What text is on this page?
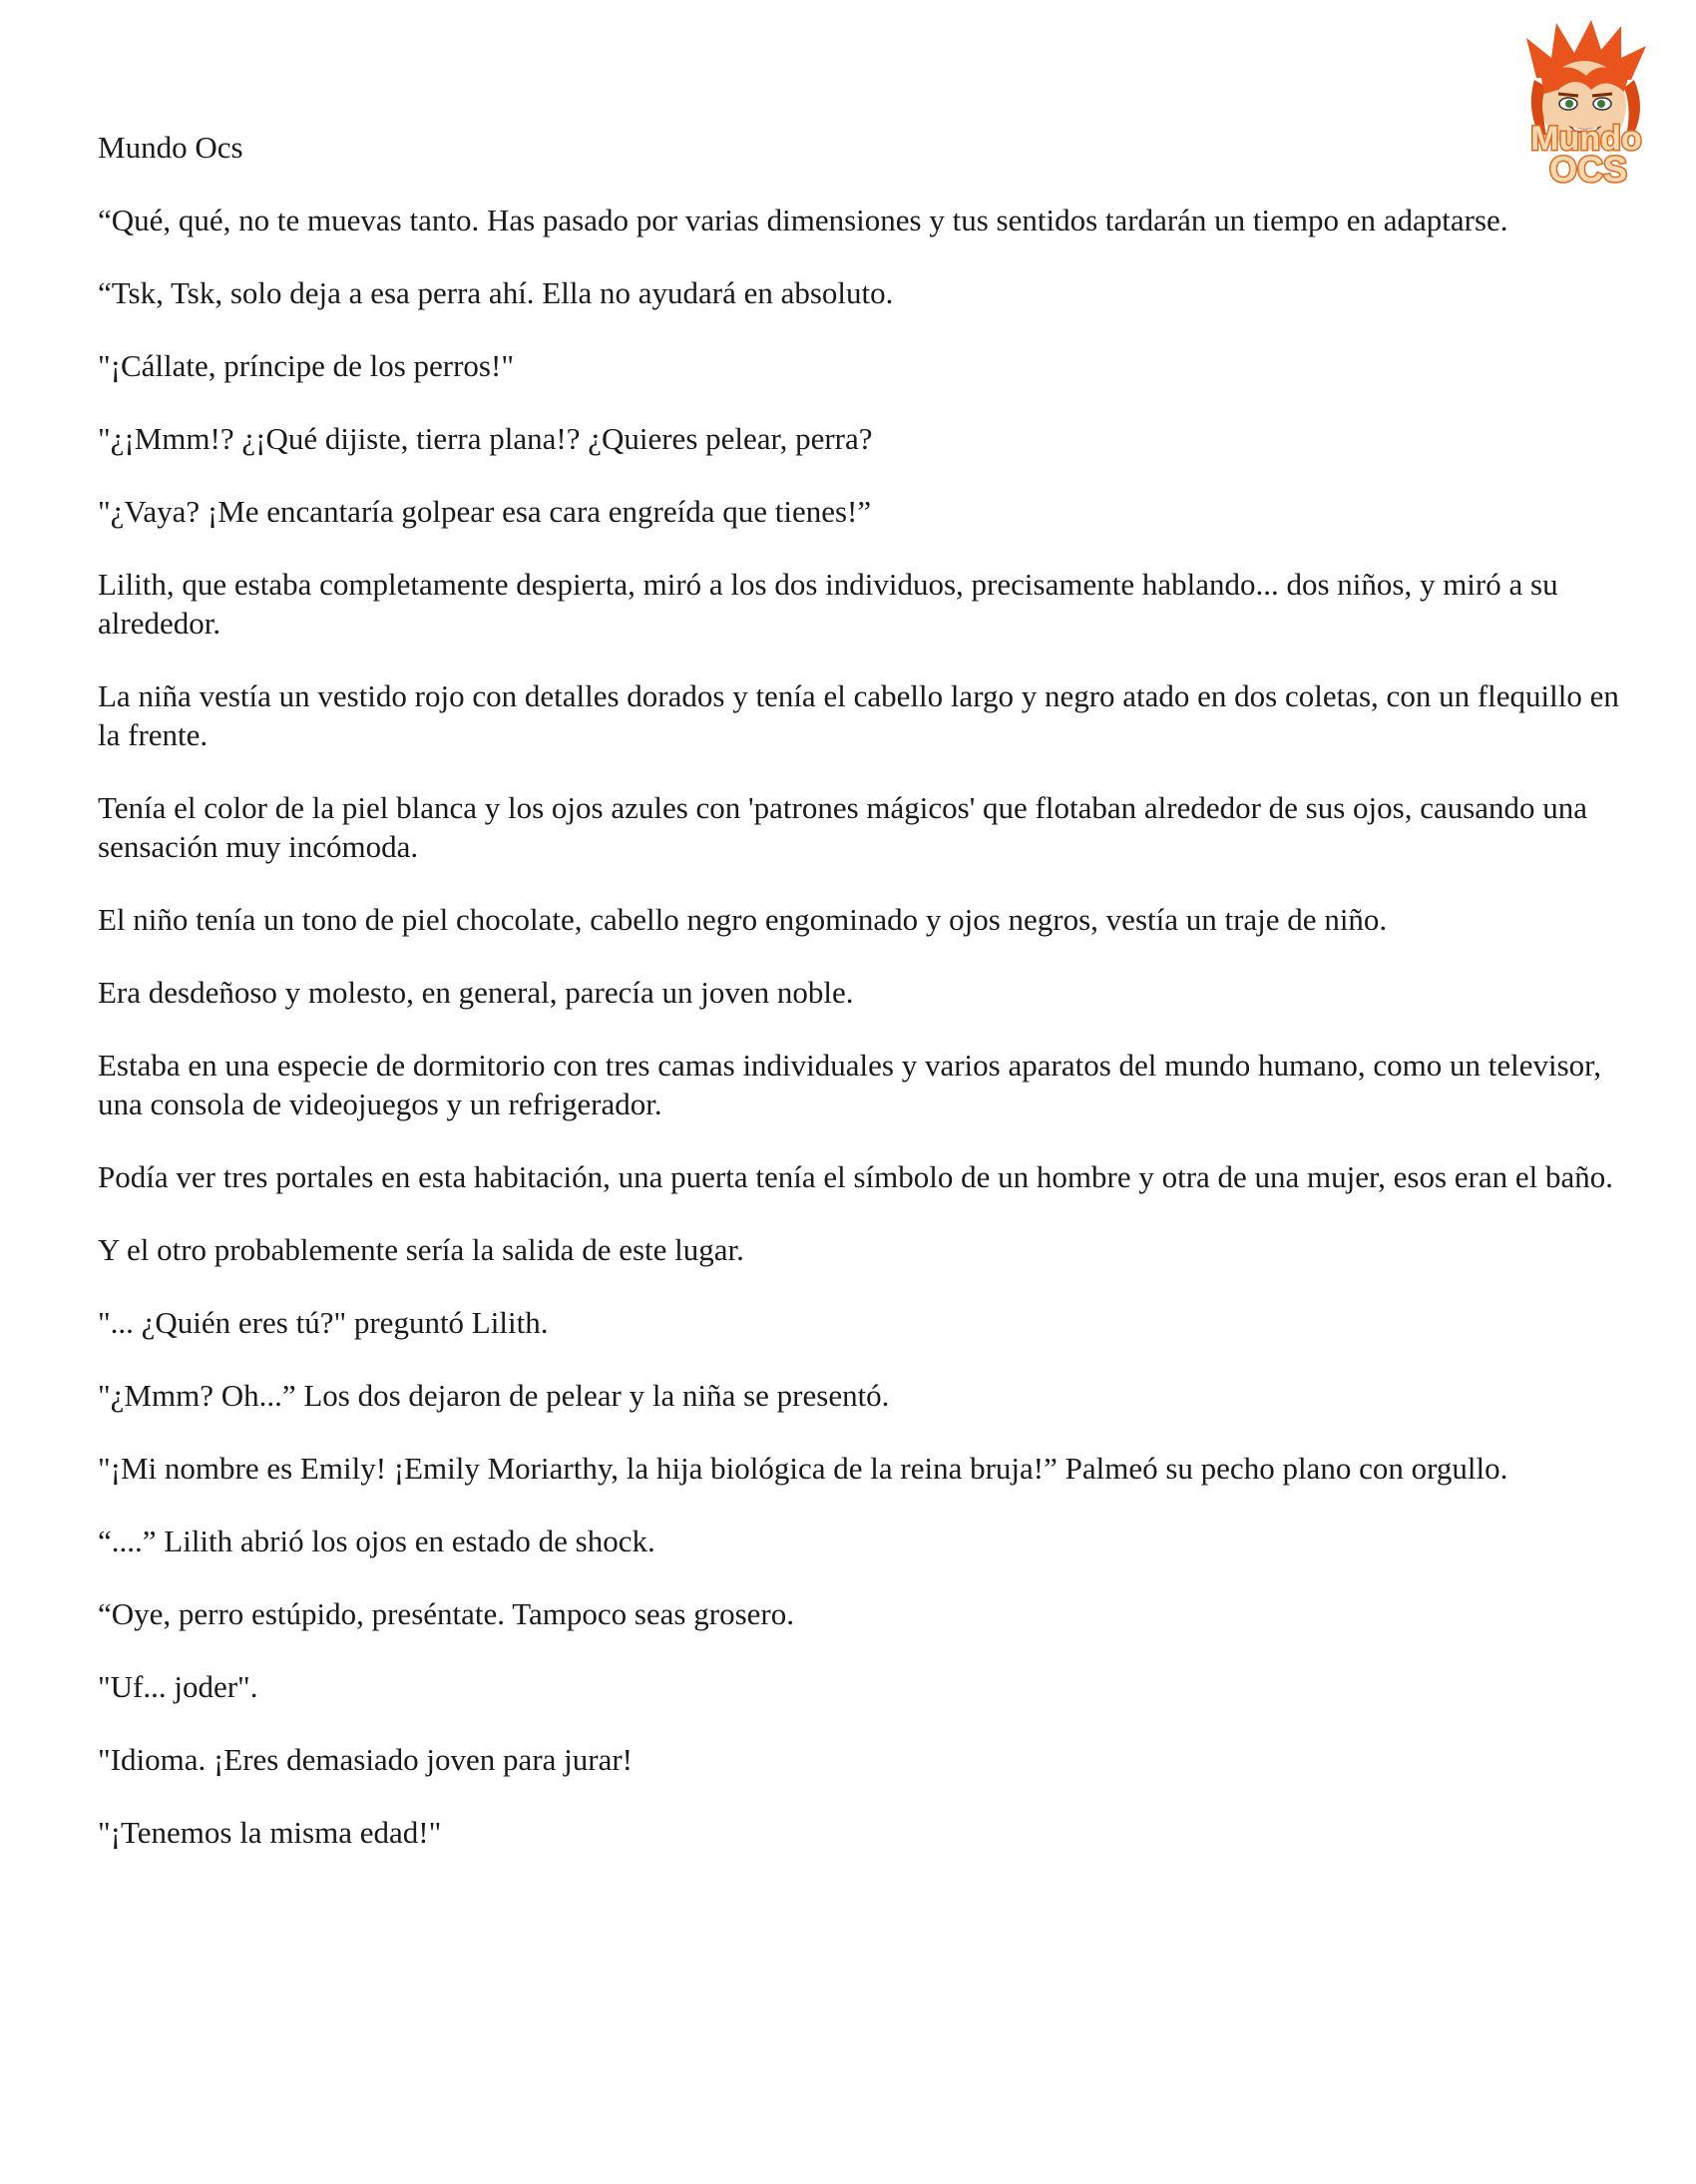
Mundo
OCS
Mundo Ocs

“Qué, qué, no te muevas tanto. Has pasado por varias dimensiones y tus sentidos tardarán un tiempo en adaptarse.

“Tsk, Tsk, solo deja a esa perra ahí. Ella no ayudará en absoluto.

"¡Cállate, príncipe de los perros!"

"¿¡Mmm!? ¿¡Qué dijiste, tierra plana!? ¿Quieres pelear, perra?

"¿Vaya? ¡Me encantaría golpear esa cara engreída que tienes!”

Lilith, que estaba completamente despierta, miró a los dos individuos, precisamente hablando... dos niños, y miró a su alrededor.

La niña vestía un vestido rojo con detalles dorados y tenía el cabello largo y negro atado en dos coletas, con un flequillo en la frente.

Tenía el color de la piel blanca y los ojos azules con 'patrones mágicos' que flotaban alrededor de sus ojos, causando una sensación muy incómoda.

El niño tenía un tono de piel chocolate, cabello negro engominado y ojos negros, vestía un traje de niño.

Era desdeñoso y molesto, en general, parecía un joven noble.

Estaba en una especie de dormitorio con tres camas individuales y varios aparatos del mundo humano, como un televisor, una consola de videojuegos y un refrigerador.

Podía ver tres portales en esta habitación, una puerta tenía el símbolo de un hombre y otra de una mujer, esos eran el baño.

Y el otro probablemente sería la salida de este lugar.

"... ¿Quién eres tú?" preguntó Lilith.

"¿Mmm? Oh...” Los dos dejaron de pelear y la niña se presentó.

"¡Mi nombre es Emily! ¡Emily Moriarthy, la hija biológica de la reina bruja!” Palmeó su pecho plano con orgullo.

“....” Lilith abrió los ojos en estado de shock.

“Oye, perro estúpido, preséntate. Tampoco seas grosero.

"Uf... joder".

"Idioma. ¡Eres demasiado joven para jurar!

"¡Tenemos la misma edad!"
